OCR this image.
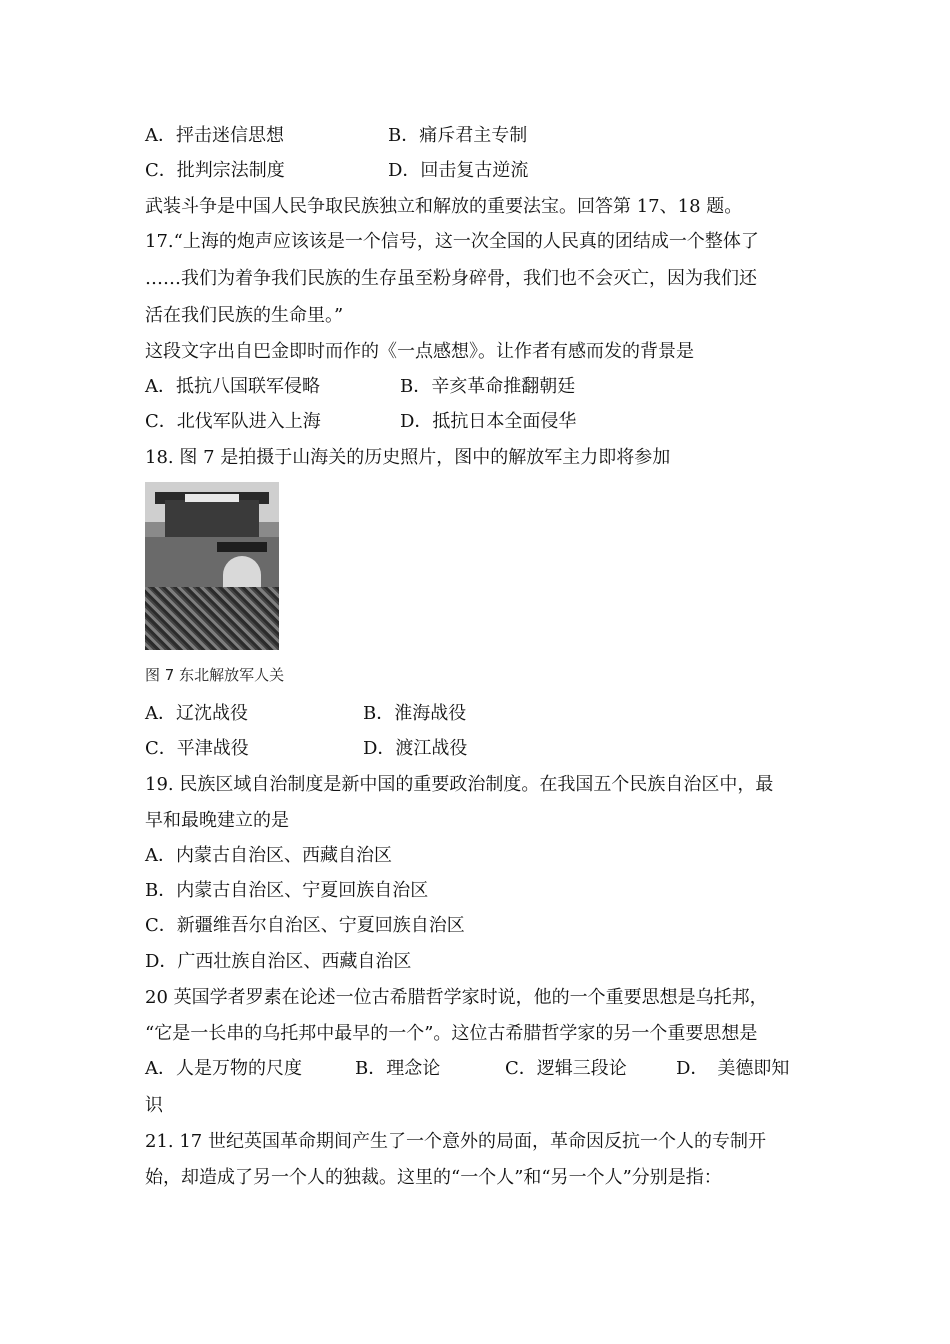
A．抨击迷信思想	B．痛斥君主专制
C．批判宗法制度	D．回击复古逆流
武装斗争是中国人民争取民族独立和解放的重要法宝。回答第 17、18 题。
17.“上海的炮声应该该是一个信号，这一次全国的人民真的团结成一个整体了
……我们为着争我们民族的生存虽至粉身碎骨，我们也不会灭亡，因为我们还
活在我们民族的生命里。”
这段文字出自巴金即时而作的《一点感想》。让作者有感而发的背景是
A．抵抗八国联军侵略	B．辛亥革命推翻朝廷
C．北伐军队进入上海	D．抵抗日本全面侵华
18. 图 7 是拍摄于山海关的历史照片，图中的解放军主力即将参加
图 7 东北解放军人关
A．辽沈战役	B．淮海战役
C．平津战役	D．渡江战役
19. 民族区域自治制度是新中国的重要政治制度。在我国五个民族自治区中，最
早和最晚建立的是
A．内蒙古自治区、西藏自治区
B．内蒙古自治区、宁夏回族自治区
C．新疆维吾尔自治区、宁夏回族自治区
D．广西壮族自治区、西藏自治区
20 英国学者罗素在论述一位古希腊哲学家时说，他的一个重要思想是乌托邦，
“它是一长串的乌托邦中最早的一个”。这位古希腊哲学家的另一个重要思想是
A．人是万物的尺度	B．理念论	C．逻辑三段论	D．　美德即知
识
21. 17 世纪英国革命期间产生了一个意外的局面，革命因反抗一个人的专制开
始，却造成了另一个人的独裁。这里的“一个人”和“另一个人”分别是指：
